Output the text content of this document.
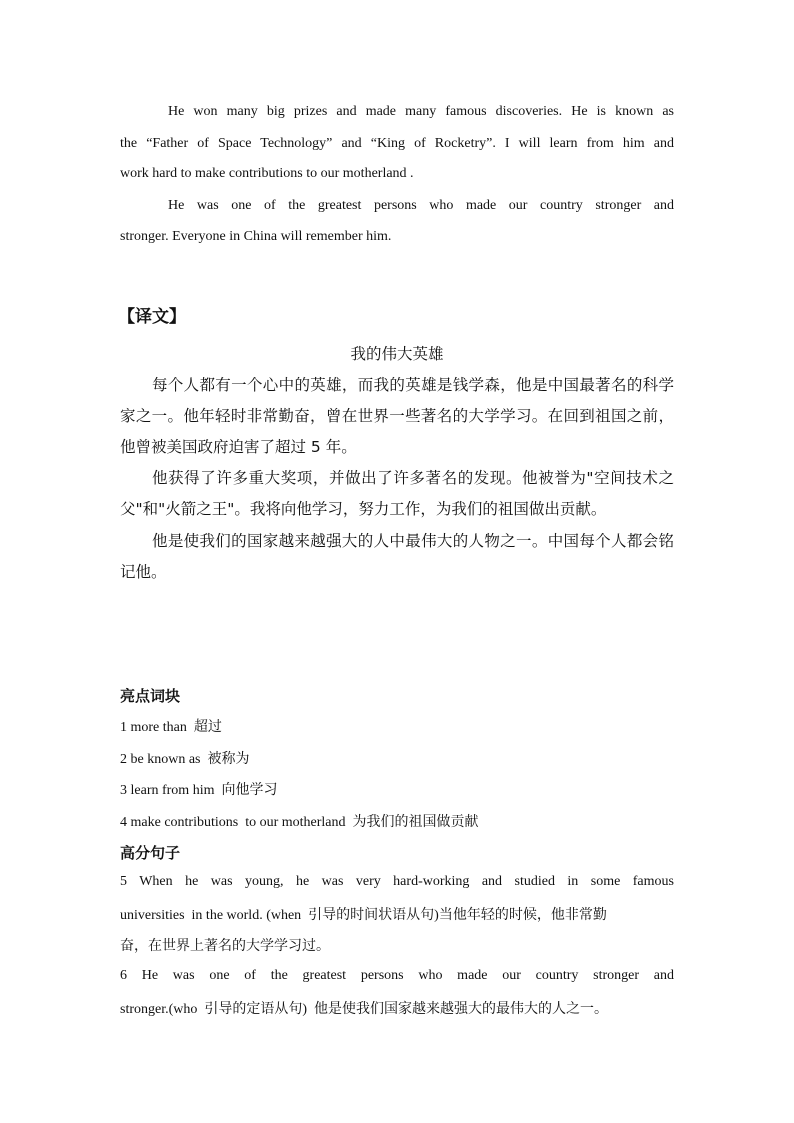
He won many big prizes and made many famous discoveries. He is known as
the “Father of Space Technology” and “King of Rocketry”. I will learn from him and
work hard to make contributions to our motherland .
He was one of the greatest persons who made our country stronger and
stronger. Everyone in China will remember him.
【译文】
我的伟大英雄
每个人都有一个心中的英雄，而我的英雄是钱学森，他是中国最著名的科学
家之一。他年轻时非常勤奋，曾在世界一些著名的大学学习。在回到祖国之前，
他曾被美国政府迫害了超过 5 年。
他获得了许多重大奖项，并做出了许多著名的发现。他被誉为"空间技术之
父"和"火箭之王"。我将向他学习，努力工作，为我们的祖国做出贡献。
他是使我们的国家越来越强大的人中最伟大的人物之一。中国每个人都会铭
记他。
亮点词块
1 more than  超过
2 be known as  被称为
3 learn from him  向他学习
4 make contributions  to our motherland  为我们的祖国做贡献
高分句子
5 When he was young, he was very hard-working and studied in some famous
universities  in the world. (when  引导的时间状语从句)当他年轻的时候，他非常勤
奋，在世界上著名的大学学习过。
6 He was one of the greatest persons who made our country stronger and
stronger.(who  引导的定语从句)  他是使我们国家越来越强大的最伟大的人之一。
